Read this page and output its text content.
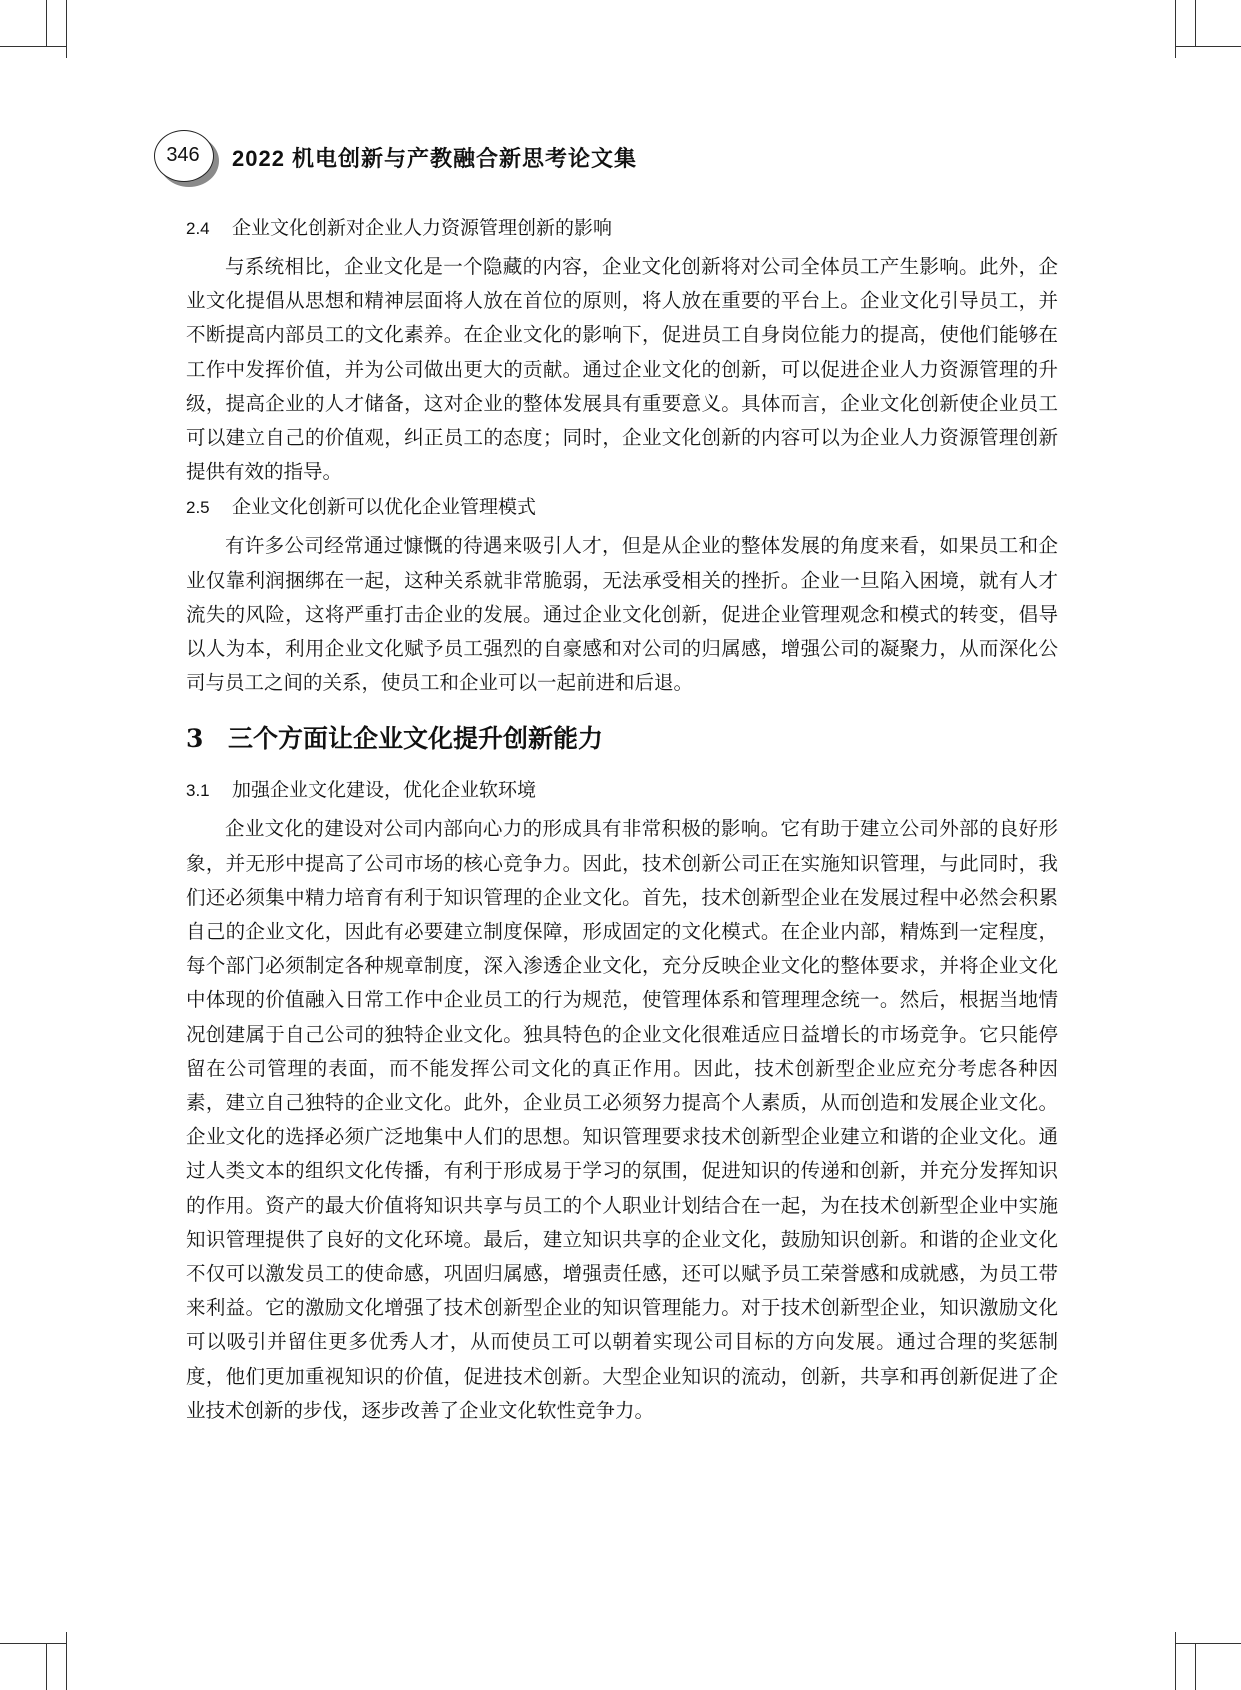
346	2022 机电创新与产教融合新思考论文集
2.4 企业文化创新对企业人力资源管理创新的影响

与系统相比，企业文化是一个隐藏的内容，企业文化创新将对公司全体员工产生影响。此外，企业文化提倡从思想和精神层面将人放在首位的原则，将人放在重要的平台上。企业文化引导员工，并不断提高内部员工的文化素养。在企业文化的影响下，促进员工自身岗位能力的提高，使他们能够在工作中发挥价值，并为公司做出更大的贡献。通过企业文化的创新，可以促进企业人力资源管理的升级，提高企业的人才储备，这对企业的整体发展具有重要意义。具体而言，企业文化创新使企业员工可以建立自己的价值观，纠正员工的态度；同时，企业文化创新的内容可以为企业人力资源管理创新提供有效的指导。

2.5 企业文化创新可以优化企业管理模式

有许多公司经常通过慷慨的待遇来吸引人才，但是从企业的整体发展的角度来看，如果员工和企业仅靠利润捆绑在一起，这种关系就非常脆弱，无法承受相关的挫折。企业一旦陷入困境，就有人才流失的风险，这将严重打击企业的发展。通过企业文化创新，促进企业管理观念和模式的转变，倡导以人为本，利用企业文化赋予员工强烈的自豪感和对公司的归属感，增强公司的凝聚力，从而深化公司与员工之间的关系，使员工和企业可以一起前进和后退。

3 三个方面让企业文化提升创新能力
3.1 加强企业文化建设，优化企业软环境

企业文化的建设对公司内部向心力的形成具有非常积极的影响。它有助于建立公司外部的良好形象，并无形中提高了公司市场的核心竞争力。因此，技术创新公司正在实施知识管理，与此同时，我们还必须集中精力培育有利于知识管理的企业文化。首先，技术创新型企业在发展过程中必然会积累自己的企业文化，因此有必要建立制度保障，形成固定的文化模式。在企业内部，精炼到一定程度，每个部门必须制定各种规章制度，深入渗透企业文化，充分反映企业文化的整体要求，并将企业文化中体现的价值融入日常工作中企业员工的行为规范，使管理体系和管理理念统一。然后，根据当地情况创建属于自己公司的独特企业文化。独具特色的企业文化很难适应日益增长的市场竞争。它只能停留在公司管理的表面，而不能发挥公司文化的真正作用。因此，技术创新型企业应充分考虑各种因素，建立自己独特的企业文化。此外，企业员工必须努力提高个人素质，从而创造和发展企业文化。企业文化的选择必须广泛地集中人们的思想。知识管理要求技术创新型企业建立和谐的企业文化。通过人类文本的组织文化传播，有利于形成易于学习的氛围，促进知识的传递和创新，并充分发挥知识的作用。资产的最大价值将知识共享与员工的个人职业计划结合在一起，为在技术创新型企业中实施知识管理提供了良好的文化环境。最后，建立知识共享的企业文化，鼓励知识创新。和谐的企业文化不仅可以激发员工的使命感，巩固归属感，增强责任感，还可以赋予员工荣誉感和成就感，为员工带来利益。它的激励文化增强了技术创新型企业的知识管理能力。对于技术创新型企业，知识激励文化可以吸引并留住更多优秀人才，从而使员工可以朝着实现公司目标的方向发展。通过合理的奖惩制度，他们更加重视知识的价值，促进技术创新。大型企业知识的流动，创新，共享和再创新促进了企业技术创新的步伐，逐步改善了企业文化软性竞争力。
